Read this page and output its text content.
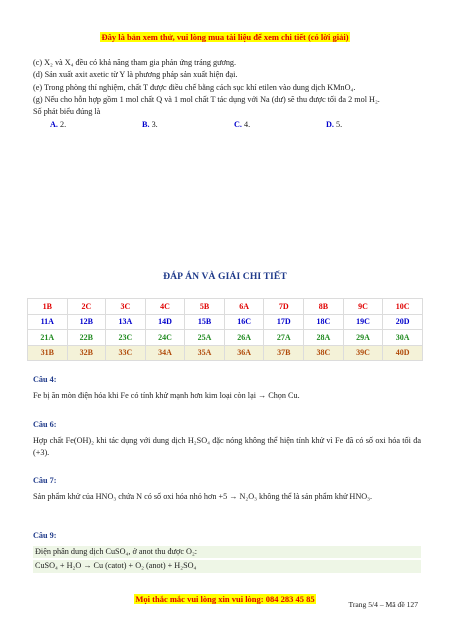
Đây là bản xem thử, vui lòng mua tài liệu để xem chi tiết (có lời giải)

(c) X₂ và X₄ đều có khả năng tham gia phản ứng tráng gương.

(d) Sản xuất axit axetic từ Y là phương pháp sản xuất hiện đại.

(e) Trong phòng thí nghiệm, chất T được điều chế bằng cách sục khí etilen vào dung dịch KMnO₄.

(g) Nếu cho hỗn hợp gồm 1 mol chất Q và 1 mol chất T tác dụng với Na (dư) sẽ thu được tối đa 2 mol H₂.

Số phát biểu đúng là

A. 2.	B. 3.	C. 4.	D. 5.
ĐÁP ÁN VÀ GIẢI CHI TIẾT
1B	2C	3C	4C	5B	6A	7D	8B	9C	10C
11A	12B	13A	14D	15B	16C	17D	18C	19C	20D
21A	22B	23C	24C	25A	26A	27A	28A	29A	30A
31B	32B	33C	34A	35A	36A	37B	38C	39C	40D

Câu 4:

Fe bị ăn mòn điện hóa khi Fe có tính khử mạnh hơn kim loại còn lại → Chọn Cu.

Câu 6:

Hợp chất Fe(OH)₂ khi tác dụng với dung dịch H₂SO₄ đặc nóng không thể hiện tính khử vì Fe đã có số oxi hóa tối đa (+3).

Câu 7:

Sản phẩm khử của HNO₃ chứa N có số oxi hóa nhỏ hơn +5 → N₂O₃ không thể là sản phẩm khử HNO₃.

Câu 9:

Điện phân dung dịch CuSO₄, ở anot thu được O₂:

CuSO₄ + H₂O → Cu (catot) + O₂ (anot) + H₂SO₄

Mọi thắc mắc vui lòng xin vui lòng: 084 283 45 85
Trang 5/4 – Mã đề 127
